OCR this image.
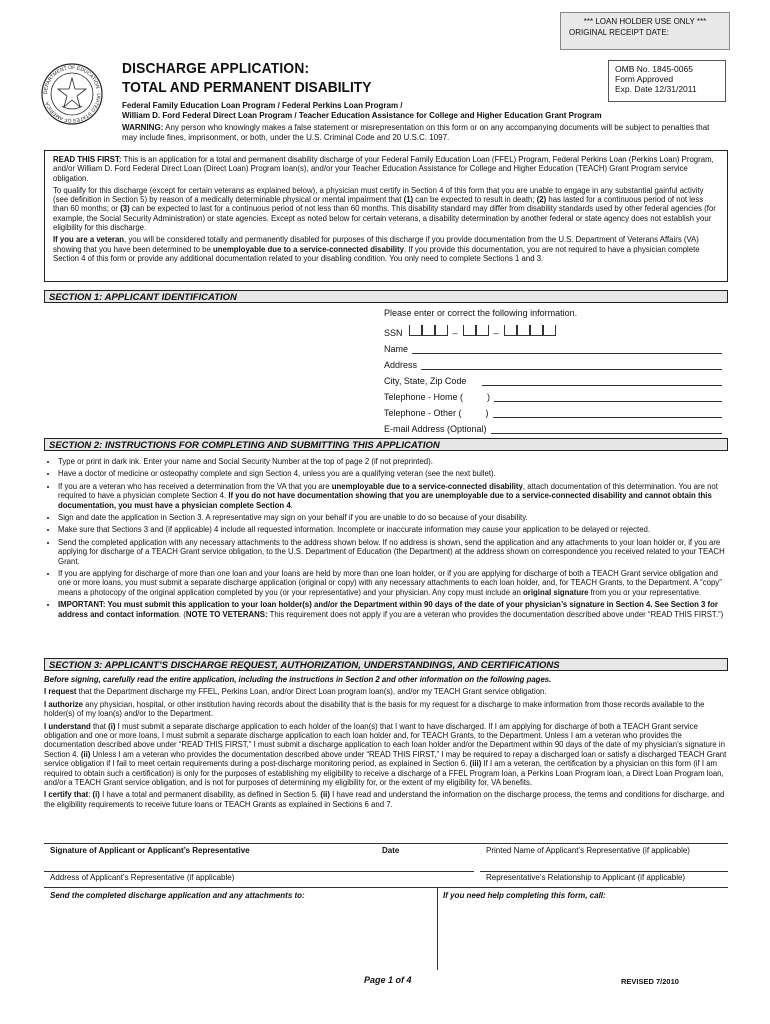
*** LOAN HOLDER USE ONLY ***
ORIGINAL RECEIPT DATE:
DEPARTMENT OF EDUCATION · UNITED STATES OF AMERICA
DISCHARGE APPLICATION:
TOTAL AND PERMANENT DISABILITY
OMB No. 1845-0065
Form Approved
Exp. Date 12/31/2011
Federal Family Education Loan Program / Federal Perkins Loan Program /
William D. Ford Federal Direct Loan Program / Teacher Education Assistance for College and Higher Education Grant Program
WARNING: Any person who knowingly makes a false statement or misrepresentation on this form or on any accompanying documents will be subject to penalties that may include fines, imprisonment, or both, under the U.S. Criminal Code and 20 U.S.C. 1097.

READ THIS FIRST: This is an application for a total and permanent disability discharge of your Federal Family Education Loan (FFEL) Program, Federal Perkins Loan (Perkins Loan) Program, and/or William D. Ford Federal Direct Loan (Direct Loan) Program loan(s), and/or your Teacher Education Assistance for College and Higher Education (TEACH) Grant Program service obligation.

To qualify for this discharge (except for certain veterans as explained below), a physician must certify in Section 4 of this form that you are unable to engage in any substantial gainful activity (see definition in Section 5) by reason of a medically determinable physical or mental impairment that (1) can be expected to result in death; (2) has lasted for a continuous period of not less than 60 months; or (3) can be expected to last for a continuous period of not less than 60 months. This disability standard may differ from disability standards used by other federal agencies (for example, the Social Security Administration) or state agencies. Except as noted below for certain veterans, a disability determination by another federal or state agency does not establish your eligibility for this discharge.

If you are a veteran, you will be considered totally and permanently disabled for purposes of this discharge if you provide documentation from the U.S. Department of Veterans Affairs (VA) showing that you have been determined to be unemployable due to a service-connected disability. If you provide this documentation, you are not required to have a physician complete Section 4 of this form or provide any additional documentation related to your disabling condition. You only need to complete Sections 1 and 3.

SECTION 1: APPLICANT IDENTIFICATION
Please enter or correct the following information.
SSN	–	–
Name
Address
City, State, Zip Code
Telephone - Home (	)
Telephone - Other (	)
E-mail Address (Optional)
SECTION 2: INSTRUCTIONS FOR COMPLETING AND SUBMITTING THIS APPLICATION
• Type or print in dark ink. Enter your name and Social Security Number at the top of page 2 (if not preprinted).
• Have a doctor of medicine or osteopathy complete and sign Section 4, unless you are a qualifying veteran (see the next bullet).
• If you are a veteran who has received a determination from the VA that you are unemployable due to a service-connected disability, attach documentation of this determination. You are not required to have a physician complete Section 4. If you do not have documentation showing that you are unemployable due to a service-connected disability and cannot obtain this documentation, you must have a physician complete Section 4.
• Sign and date the application in Section 3. A representative may sign on your behalf if you are unable to do so because of your disability.
• Make sure that Sections 3 and (if applicable) 4 include all requested information. Incomplete or inaccurate information may cause your application to be delayed or rejected.
• Send the completed application with any necessary attachments to the address shown below. If no address is shown, send the application and any attachments to your loan holder or, if you are applying for discharge of a TEACH Grant service obligation, to the U.S. Department of Education (the Department) at the address shown on correspondence you received related to your TEACH Grant.
• If you are applying for discharge of more than one loan and your loans are held by more than one loan holder, or if you are applying for discharge of both a TEACH Grant service obligation and one or more loans, you must submit a separate discharge application (original or copy) with any necessary attachments to each loan holder, and, for TEACH Grants, to the Department. A “copy” means a photocopy of the original application completed by you (or your representative) and your physician. Any copy must include an original signature from you or your representative.
• IMPORTANT: You must submit this application to your loan holder(s) and/or the Department within 90 days of the date of your physician’s signature in Section 4. See Section 3 for address and contact information. (NOTE TO VETERANS: This requirement does not apply if you are a veteran who provides the documentation described above under “READ THIS FIRST.”)
SECTION 3: APPLICANT’S DISCHARGE REQUEST, AUTHORIZATION, UNDERSTANDINGS, AND CERTIFICATIONS

Before signing, carefully read the entire application, including the instructions in Section 2 and other information on the following pages.

I request that the Department discharge my FFEL, Perkins Loan, and/or Direct Loan program loan(s), and/or my TEACH Grant service obligation.

I authorize any physician, hospital, or other institution having records about the disability that is the basis for my request for a discharge to make information from those records available to the holder(s) of my loan(s) and/or to the Department.

I understand that (i) I must submit a separate discharge application to each holder of the loan(s) that I want to have discharged. If I am applying for discharge of both a TEACH Grant service obligation and one or more loans, I must submit a separate discharge application to each loan holder and, for TEACH Grants, to the Department. Unless I am a veteran who provides the documentation described above under “READ THIS FIRST,” I must submit a discharge application to each loan holder and/or the Department within 90 days of the date of my physician’s signature in Section 4. (ii) Unless I am a veteran who provides the documentation described above under “READ THIS FIRST,” I may be required to repay a discharged loan or satisfy a discharged TEACH Grant service obligation if I fail to meet certain requirements during a post-discharge monitoring period, as explained in Section 6. (iii) If I am a veteran, the certification by a physician on this form (if I am required to obtain such a certification) is only for the purposes of establishing my eligibility to receive a discharge of a FFEL Program loan, a Perkins Loan Program loan, a Direct Loan Program loan, and/or a TEACH Grant service obligation, and is not for purposes of determining my eligibility for, or the extent of my eligibility for, VA benefits.

I certify that: (i) I have a total and permanent disability, as defined in Section 5. (ii) I have read and understand the information on the discharge process, the terms and conditions for discharge, and the eligibility requirements to receive future loans or TEACH Grants as explained in Sections 6 and 7.

Signature of Applicant or Applicant’s Representative	Date	Printed Name of Applicant’s Representative (if applicable)
Address of Applicant’s Representative (if applicable)	Representative’s Relationship to Applicant (if applicable)
Send the completed discharge application and any attachments to:	If you need help completing this form, call:
Page 1 of 4	REVISED 7/2010
